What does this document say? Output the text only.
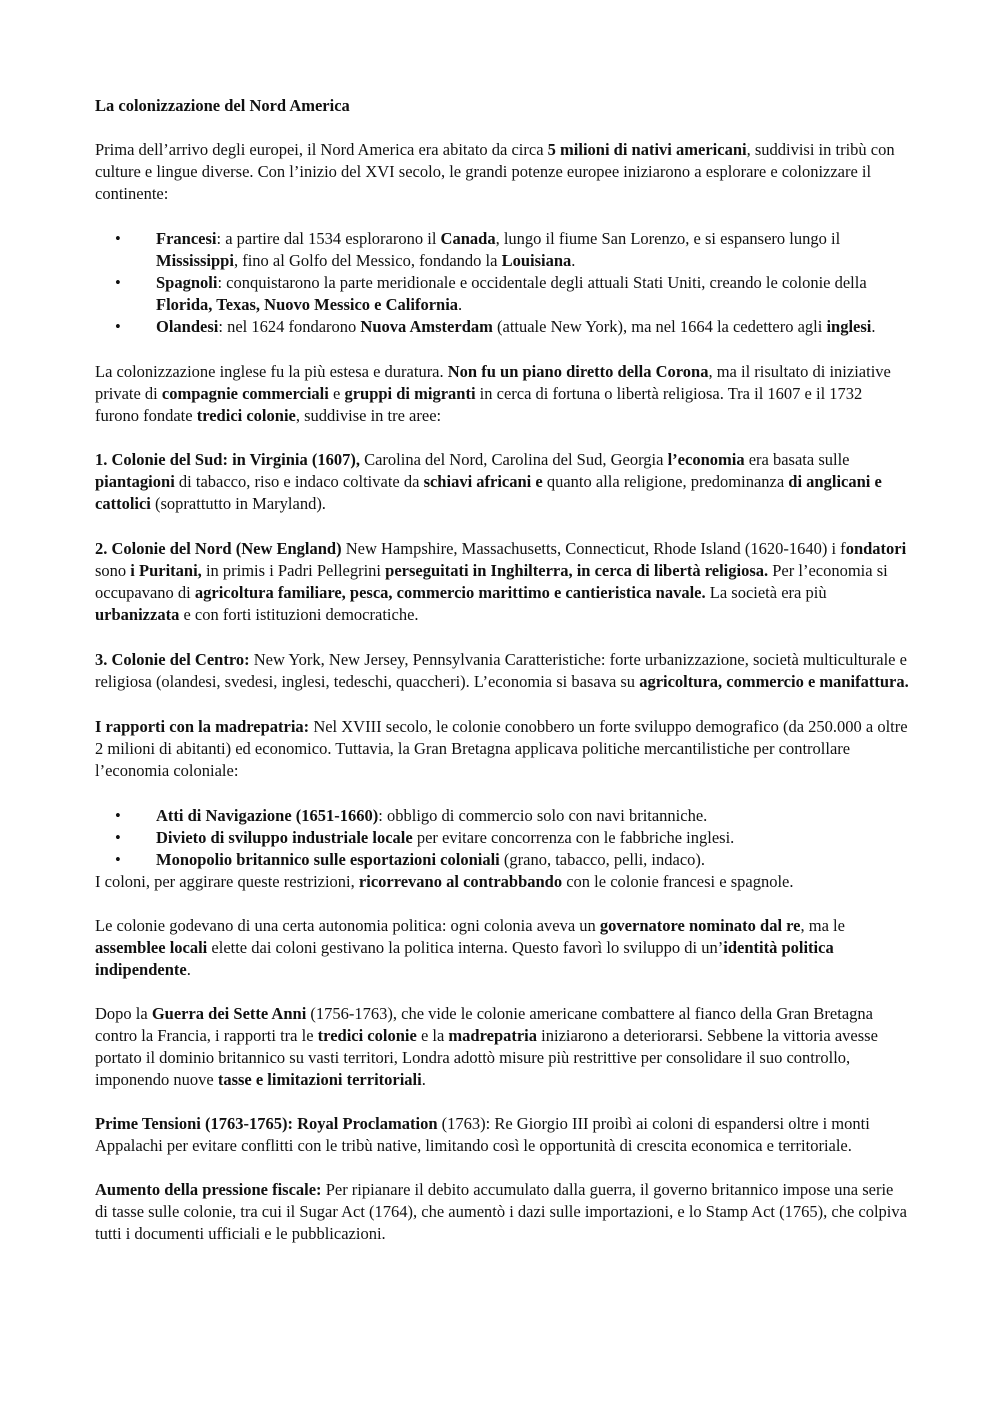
La colonizzazione del Nord America

Prima dell’arrivo degli europei, il Nord America era abitato da circa 5 milioni di nativi americani, suddivisi in tribù con culture e lingue diverse. Con l’inizio del XVI secolo, le grandi potenze europee iniziarono a esplorare e colonizzare il continente:

• Francesi: a partire dal 1534 esplorarono il Canada, lungo il fiume San Lorenzo, e si espansero lungo il Mississippi, fino al Golfo del Messico, fondando la Louisiana.
• Spagnoli: conquistarono la parte meridionale e occidentale degli attuali Stati Uniti, creando le colonie della Florida, Texas, Nuovo Messico e California.
• Olandesi: nel 1624 fondarono Nuova Amsterdam (attuale New York), ma nel 1664 la cedettero agli inglesi.

La colonizzazione inglese fu la più estesa e duratura. Non fu un piano diretto della Corona, ma il risultato di iniziative private di compagnie commerciali e gruppi di migranti in cerca di fortuna o libertà religiosa. Tra il 1607 e il 1732 furono fondate tredici colonie, suddivise in tre aree:

1. Colonie del Sud: in Virginia (1607), Carolina del Nord, Carolina del Sud, Georgia l’economia era basata sulle piantagioni di tabacco, riso e indaco coltivate da schiavi africani e quanto alla religione, predominanza di anglicani e cattolici (soprattutto in Maryland).

2. Colonie del Nord (New England) New Hampshire, Massachusetts, Connecticut, Rhode Island (1620-1640) i fondatori sono i Puritani, in primis i Padri Pellegrini perseguitati in Inghilterra, in cerca di libertà religiosa. Per l’economia si occupavano di agricoltura familiare, pesca, commercio marittimo e cantieristica navale. La società era più urbanizzata e con forti istituzioni democratiche.

3. Colonie del Centro: New York, New Jersey, Pennsylvania Caratteristiche: forte urbanizzazione, società multiculturale e religiosa (olandesi, svedesi, inglesi, tedeschi, quaccheri). L’economia si basava su agricoltura, commercio e manifattura.

I rapporti con la madrepatria: Nel XVIII secolo, le colonie conobbero un forte sviluppo demografico (da 250.000 a oltre 2 milioni di abitanti) ed economico. Tuttavia, la Gran Bretagna applicava politiche mercantilistiche per controllare l’economia coloniale:

• Atti di Navigazione (1651-1660): obbligo di commercio solo con navi britanniche.
• Divieto di sviluppo industriale locale per evitare concorrenza con le fabbriche inglesi.
• Monopolio britannico sulle esportazioni coloniali (grano, tabacco, pelli, indaco).

I coloni, per aggirare queste restrizioni, ricorrevano al contrabbando con le colonie francesi e spagnole.

Le colonie godevano di una certa autonomia politica: ogni colonia aveva un governatore nominato dal re, ma le assemblee locali elette dai coloni gestivano la politica interna. Questo favorì lo sviluppo di un’identità politica indipendente.

Dopo la Guerra dei Sette Anni (1756-1763), che vide le colonie americane combattere al fianco della Gran Bretagna contro la Francia, i rapporti tra le tredici colonie e la madrepatria iniziarono a deteriorarsi. Sebbene la vittoria avesse portato il dominio britannico su vasti territori, Londra adottò misure più restrittive per consolidare il suo controllo, imponendo nuove tasse e limitazioni territoriali.

Prime Tensioni (1763-1765): Royal Proclamation (1763): Re Giorgio III proibì ai coloni di espandersi oltre i monti Appalachi per evitare conflitti con le tribù native, limitando così le opportunità di crescita economica e territoriale.

Aumento della pressione fiscale: Per ripianare il debito accumulato dalla guerra, il governo britannico impose una serie di tasse sulle colonie, tra cui il Sugar Act (1764), che aumentò i dazi sulle importazioni, e lo Stamp Act (1765), che colpiva tutti i documenti ufficiali e le pubblicazioni.
